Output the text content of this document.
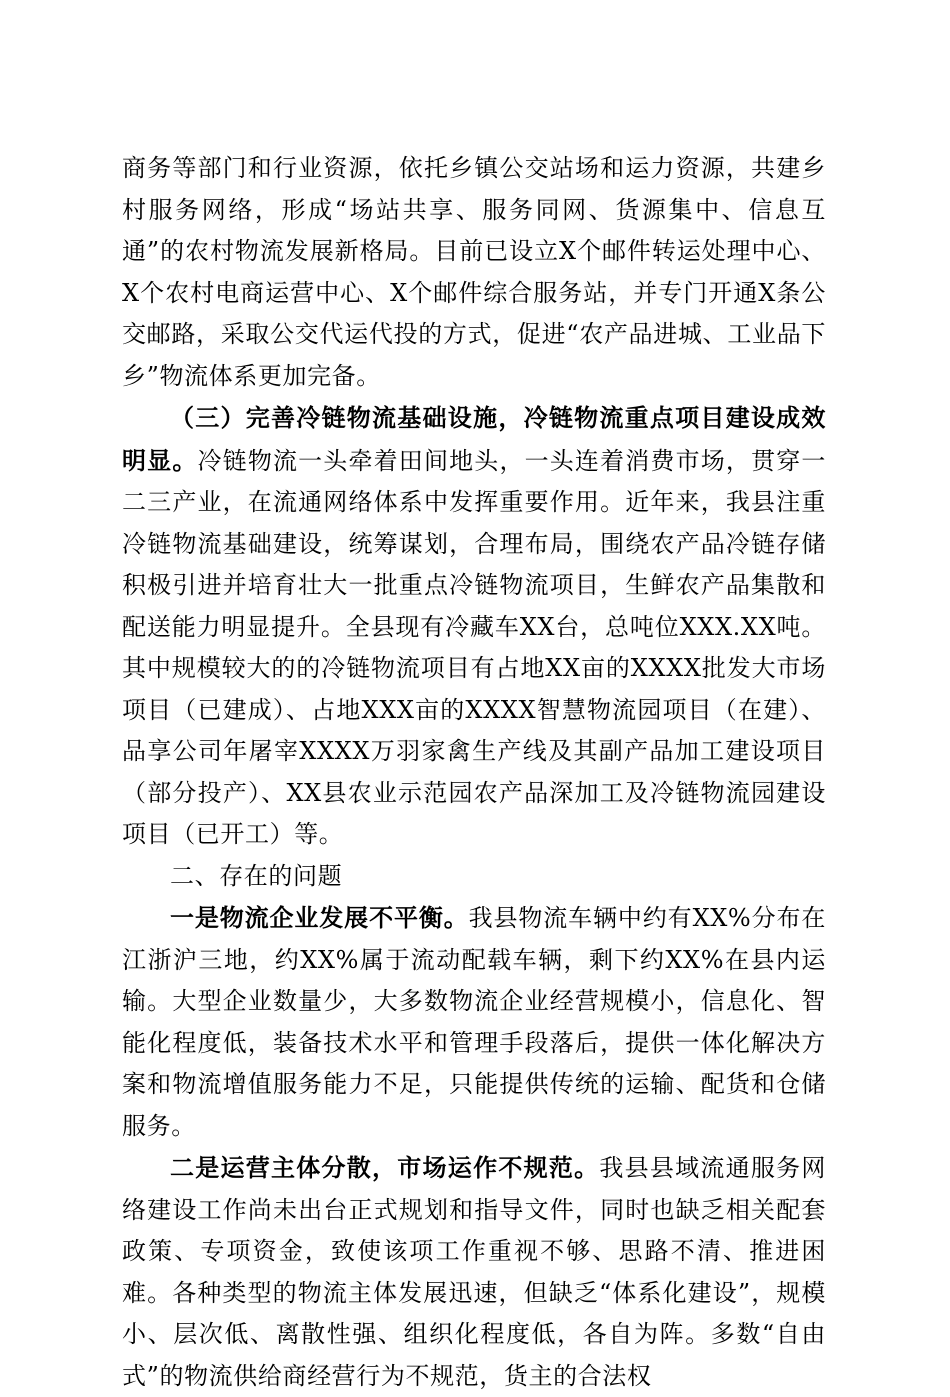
商务等部门和行业资源，依托乡镇公交站场和运力资源，共建乡村服务网络，形成“场站共享、服务同网、货源集中、信息互通”的农村物流发展新格局。目前已设立X个邮件转运处理中心、X个农村电商运营中心、X个邮件综合服务站，并专门开通X条公交邮路，采取公交代运代投的方式，促进“农产品进城、工业品下乡”物流体系更加完备。

（三）完善冷链物流基础设施，冷链物流重点项目建设成效明显。冷链物流一头牵着田间地头，一头连着消费市场，贯穿一二三产业，在流通网络体系中发挥重要作用。近年来，我县注重冷链物流基础建设，统筹谋划，合理布局，围绕农产品冷链存储积极引进并培育壮大一批重点冷链物流项目，生鲜农产品集散和配送能力明显提升。全县现有冷藏车XX台，总吨位XXX.XX吨。其中规模较大的的冷链物流项目有占地XX亩的XXXX批发大市场项目（已建成）、占地XXX亩的XXXX智慧物流园项目（在建）、品享公司年屠宰XXXX万羽家禽生产线及其副产品加工建设项目（部分投产）、XX县农业示范园农产品深加工及冷链物流园建设项目（已开工）等。

二、存在的问题

一是物流企业发展不平衡。我县物流车辆中约有XX%分布在江浙沪三地，约XX%属于流动配载车辆，剩下约XX%在县内运输。大型企业数量少，大多数物流企业经营规模小，信息化、智能化程度低，装备技术水平和管理手段落后，提供一体化解决方案和物流增值服务能力不足，只能提供传统的运输、配货和仓储服务。

二是运营主体分散，市场运作不规范。我县县域流通服务网络建设工作尚未出台正式规划和指导文件，同时也缺乏相关配套政策、专项资金，致使该项工作重视不够、思路不清、推进困难。各种类型的物流主体发展迅速，但缺乏“体系化建设”，规模小、层次低、离散性强、组织化程度低，各自为阵。多数“自由式”的物流供给商经营行为不规范，货主的合法权
